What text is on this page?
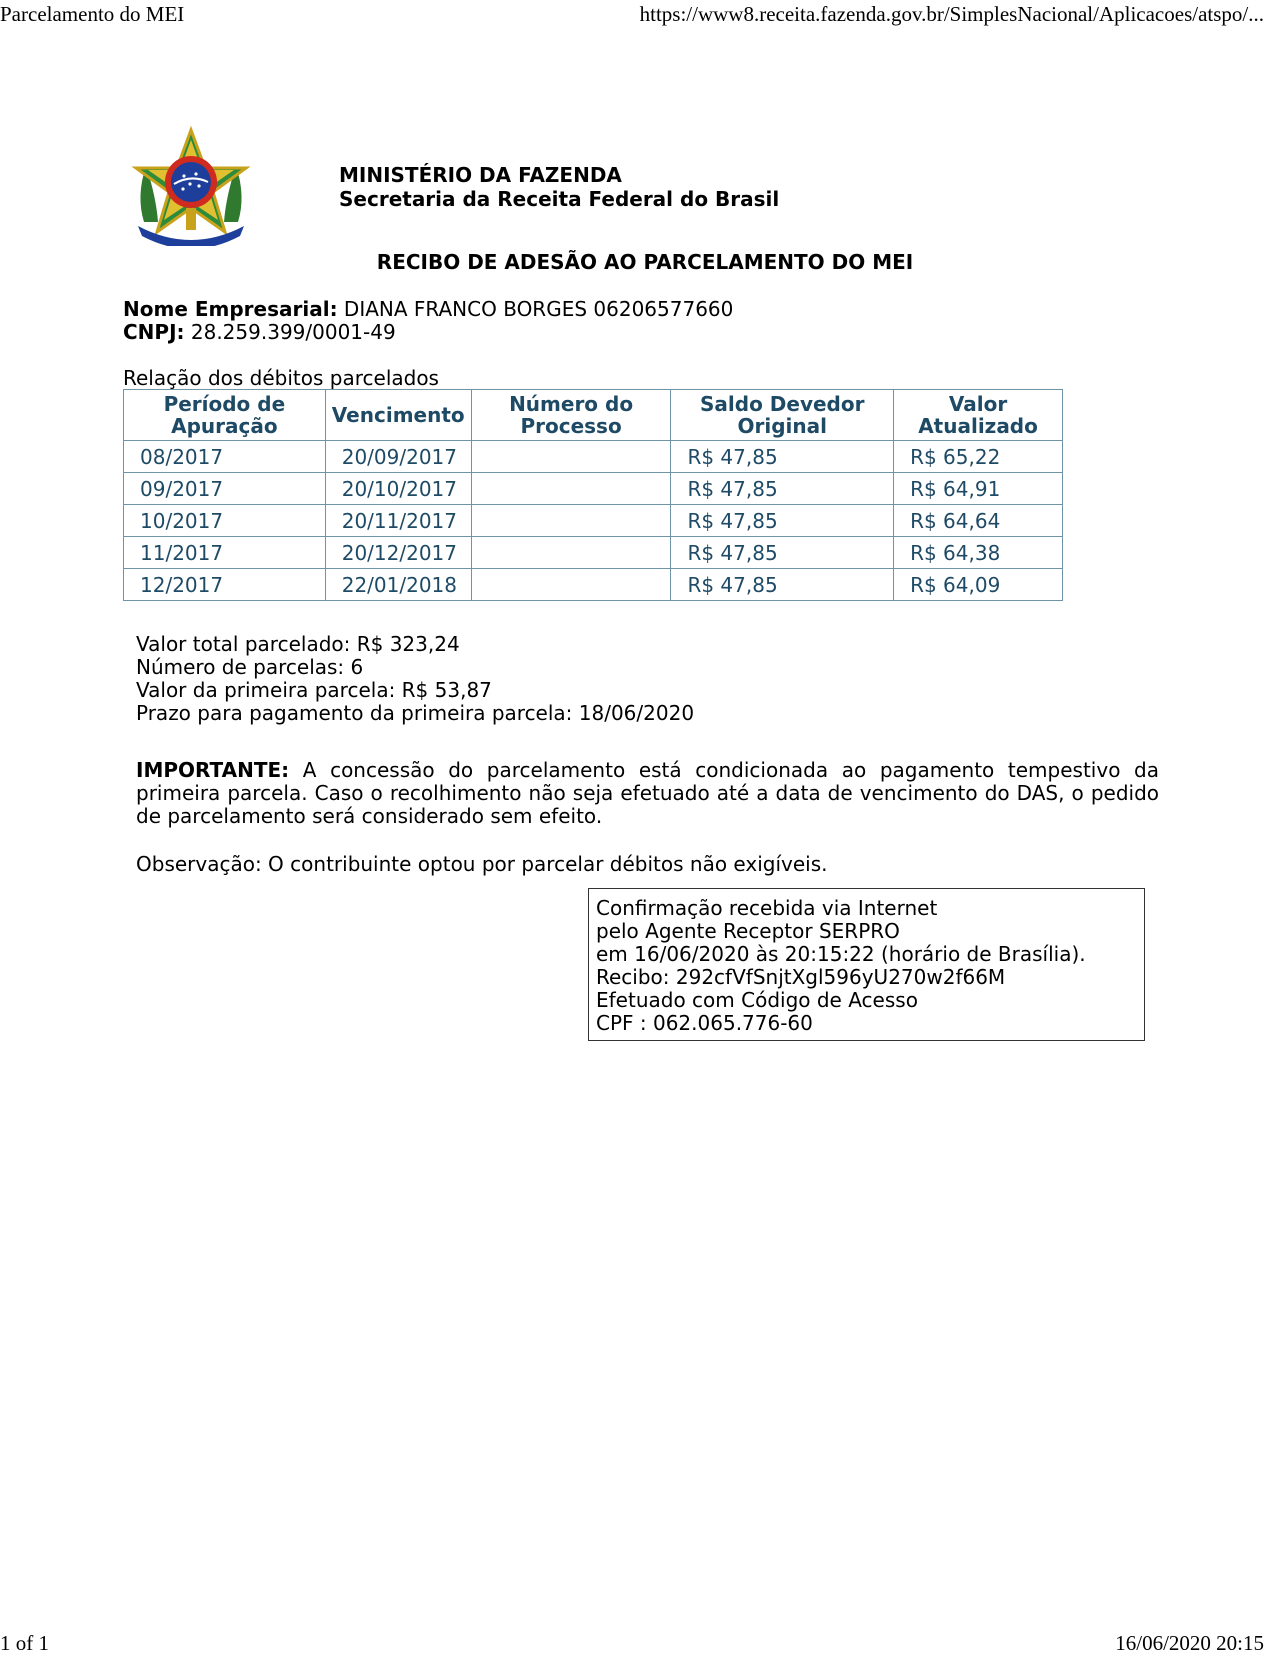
Parcelamento do MEI	https://www8.receita.fazenda.gov.br/SimplesNacional/Aplicacoes/atspo/...
MINISTÉRIO DA FAZENDA
Secretaria da Receita Federal do Brasil
RECIBO DE ADESÃO AO PARCELAMENTO DO MEI
Nome Empresarial: DIANA FRANCO BORGES 06206577660
CNPJ: 28.259.399/0001-49
Relação dos débitos parcelados
Período de Apuração	Vencimento	Número do Processo	Saldo Devedor Original	Valor Atualizado
08/2017	20/09/2017		R$ 47,85	R$ 65,22
09/2017	20/10/2017		R$ 47,85	R$ 64,91
10/2017	20/11/2017		R$ 47,85	R$ 64,64
11/2017	20/12/2017		R$ 47,85	R$ 64,38
12/2017	22/01/2018		R$ 47,85	R$ 64,09
Valor total parcelado: R$ 323,24
Número de parcelas: 6
Valor da primeira parcela: R$ 53,87
Prazo para pagamento da primeira parcela: 18/06/2020
IMPORTANTE: A concessão do parcelamento está condicionada ao pagamento tempestivo da primeira parcela. Caso o recolhimento não seja efetuado até a data de vencimento do DAS, o pedido de parcelamento será considerado sem efeito.
Observação: O contribuinte optou por parcelar débitos não exigíveis.
Confirmação recebida via Internet
pelo Agente Receptor SERPRO
em 16/06/2020 às 20:15:22 (horário de Brasília).
Recibo: 292cfVfSnjtXgl596yU270w2f66M
Efetuado com Código de Acesso
CPF : 062.065.776-60
1 of 1	16/06/2020 20:15
